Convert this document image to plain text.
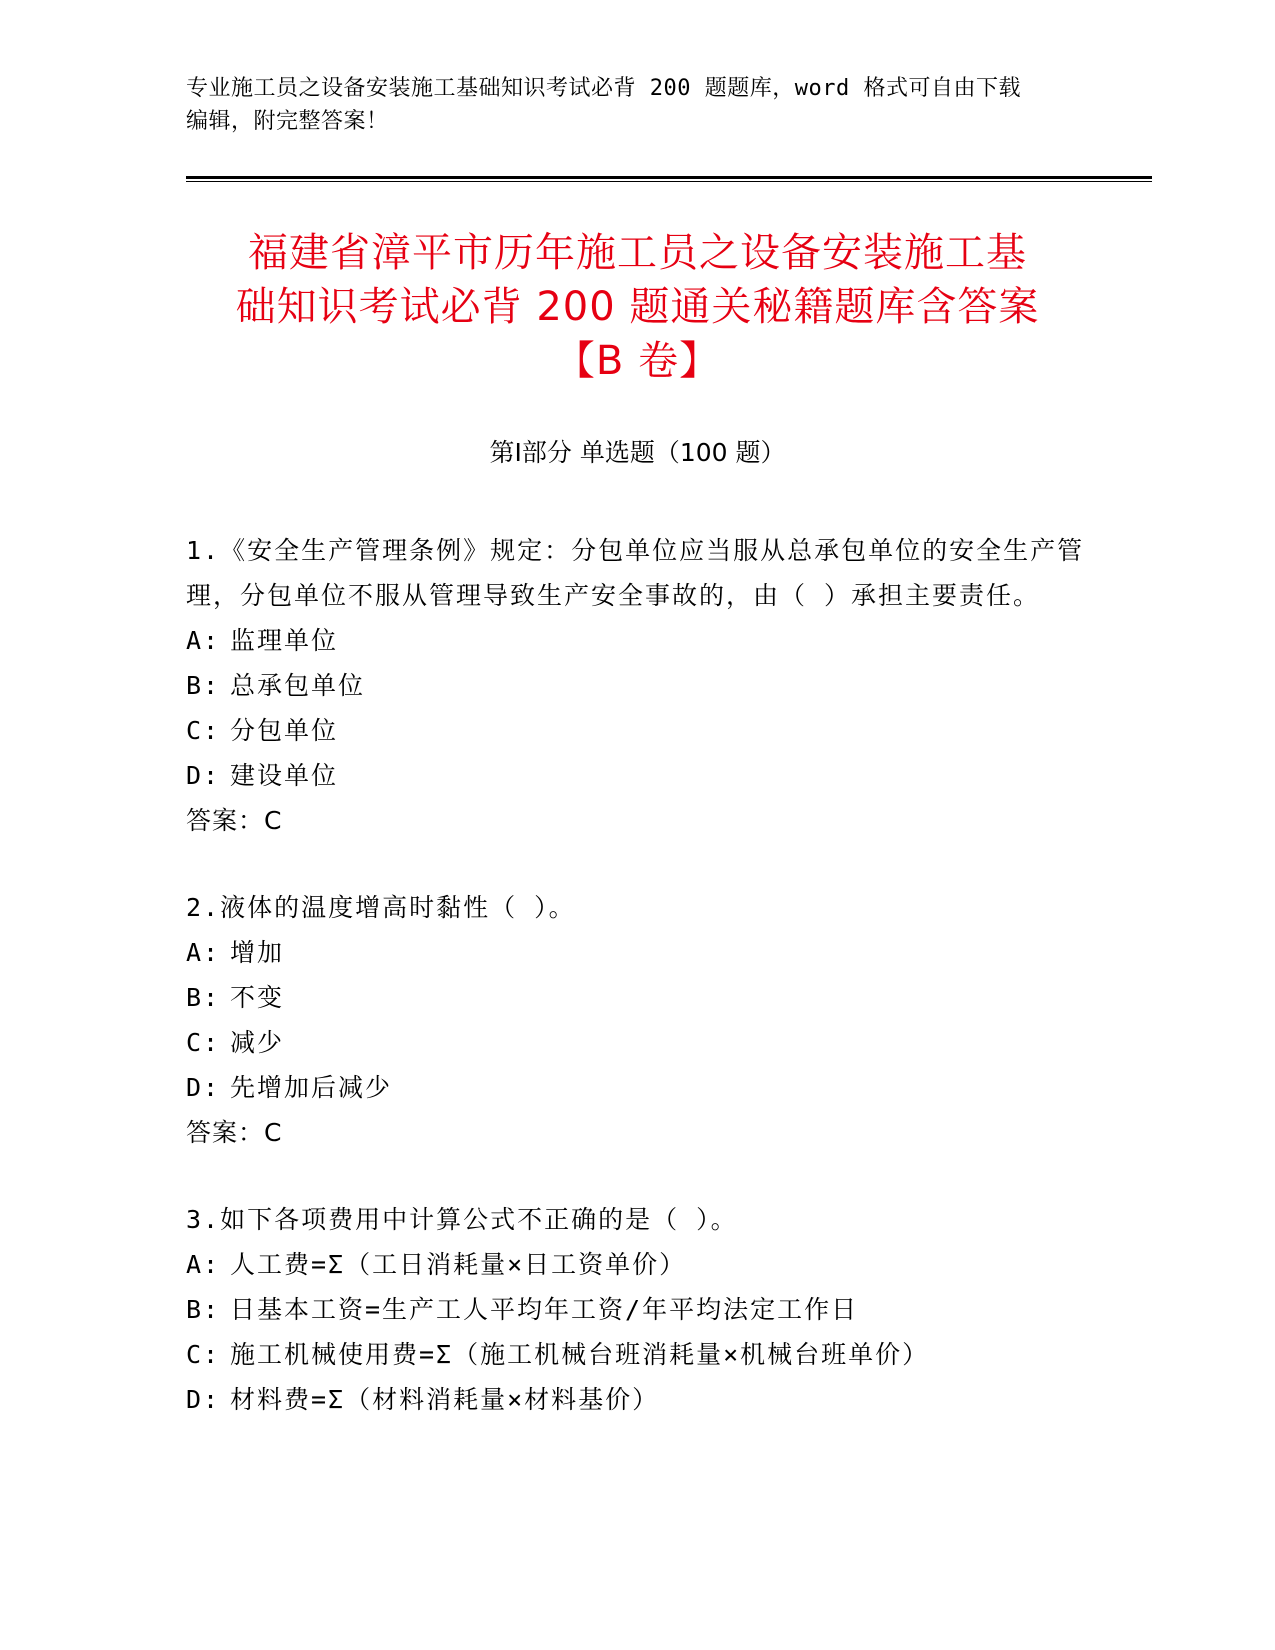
专业施工员之设备安装施工基础知识考试必背 200 题题库，word 格式可自由下载
编辑，附完整答案！
福建省漳平市历年施工员之设备安装施工基
础知识考试必背 200 题通关秘籍题库含答案
【B 卷】
第Ⅰ部分 单选题（100 题）
1.《安全生产管理条例》规定：分包单位应当服从总承包单位的安全生产管理，分包单位不服从管理导致生产安全事故的，由（ ）承担主要责任。
A: 监理单位
B: 总承包单位
C: 分包单位
D: 建设单位
答案：C
2.液体的温度增高时黏性（ ）。
A: 增加
B: 不变
C: 减少
D: 先增加后减少
答案：C
3.如下各项费用中计算公式不正确的是（ ）。
A: 人工费=Σ（工日消耗量×日工资单价）
B: 日基本工资=生产工人平均年工资/年平均法定工作日
C: 施工机械使用费=Σ（施工机械台班消耗量×机械台班单价）
D: 材料费=Σ（材料消耗量×材料基价）
